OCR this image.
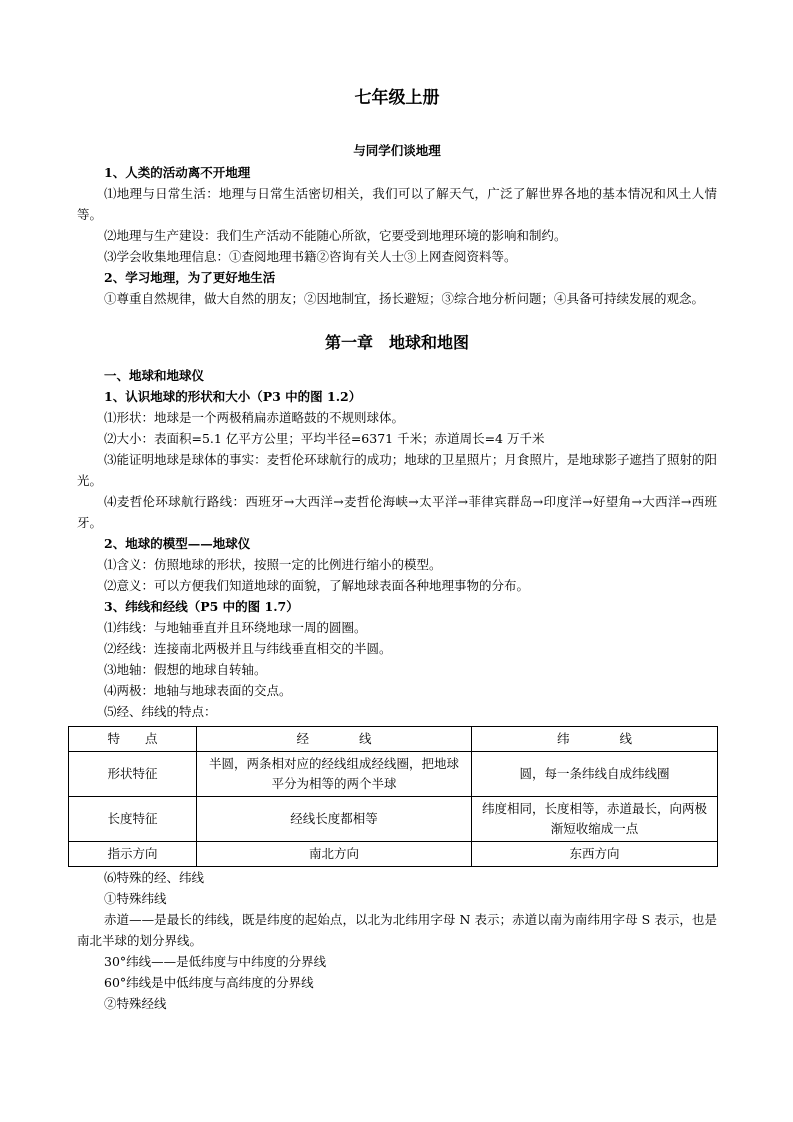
七年级上册
与同学们谈地理

1、人类的活动离不开地理

⑴地理与日常生活：地理与日常生活密切相关，我们可以了解天气，广泛了解世界各地的基本情况和风土人情等。

⑵地理与生产建设：我们生产活动不能随心所欲，它要受到地理环境的影响和制约。

⑶学会收集地理信息：①查阅地理书籍②咨询有关人士③上网查阅资料等。

2、学习地理，为了更好地生活

①尊重自然规律，做大自然的朋友；②因地制宜，扬长避短；③综合地分析问题；④具备可持续发展的观念。

第一章　地球和地图

一、地球和地球仪

1、认识地球的形状和大小（P3 中的图 1.2）

⑴形状：地球是一个两极稍扁赤道略鼓的不规则球体。

⑵大小：表面积=5.1 亿平方公里；平均半径=6371 千米；赤道周长=4 万千米

⑶能证明地球是球体的事实：麦哲伦环球航行的成功；地球的卫星照片；月食照片，是地球影子遮挡了照射的阳光。

⑷麦哲伦环球航行路线：西班牙→大西洋→麦哲伦海峡→太平洋→菲律宾群岛→印度洋→好望角→大西洋→西班牙。

2、地球的模型——地球仪

⑴含义：仿照地球的形状，按照一定的比例进行缩小的模型。

⑵意义：可以方便我们知道地球的面貌，了解地球表面各种地理事物的分布。

3、纬线和经线（P5 中的图 1.7）

⑴纬线：与地轴垂直并且环绕地球一周的圆圈。

⑵经线：连接南北两极并且与纬线垂直相交的半圆。

⑶地轴：假想的地球自转轴。

⑷两极：地轴与地球表面的交点。

⑸经、纬线的特点：

特　　点	经　　　　线	纬　　　　线
形状特征	半圆，两条相对应的经线组成经线圈，把地球平分为相等的两个半球	圆，每一条纬线自成纬线圈
长度特征	经线长度都相等	纬度相同，长度相等，赤道最长，向两极渐短收缩成一点
指示方向	南北方向	东西方向

⑹特殊的经、纬线

①特殊纬线

赤道——是最长的纬线，既是纬度的起始点，以北为北纬用字母 N 表示；赤道以南为南纬用字母 S 表示，也是南北半球的划分界线。

30°纬线——是低纬度与中纬度的分界线

60°纬线是中低纬度与高纬度的分界线

②特殊经线
